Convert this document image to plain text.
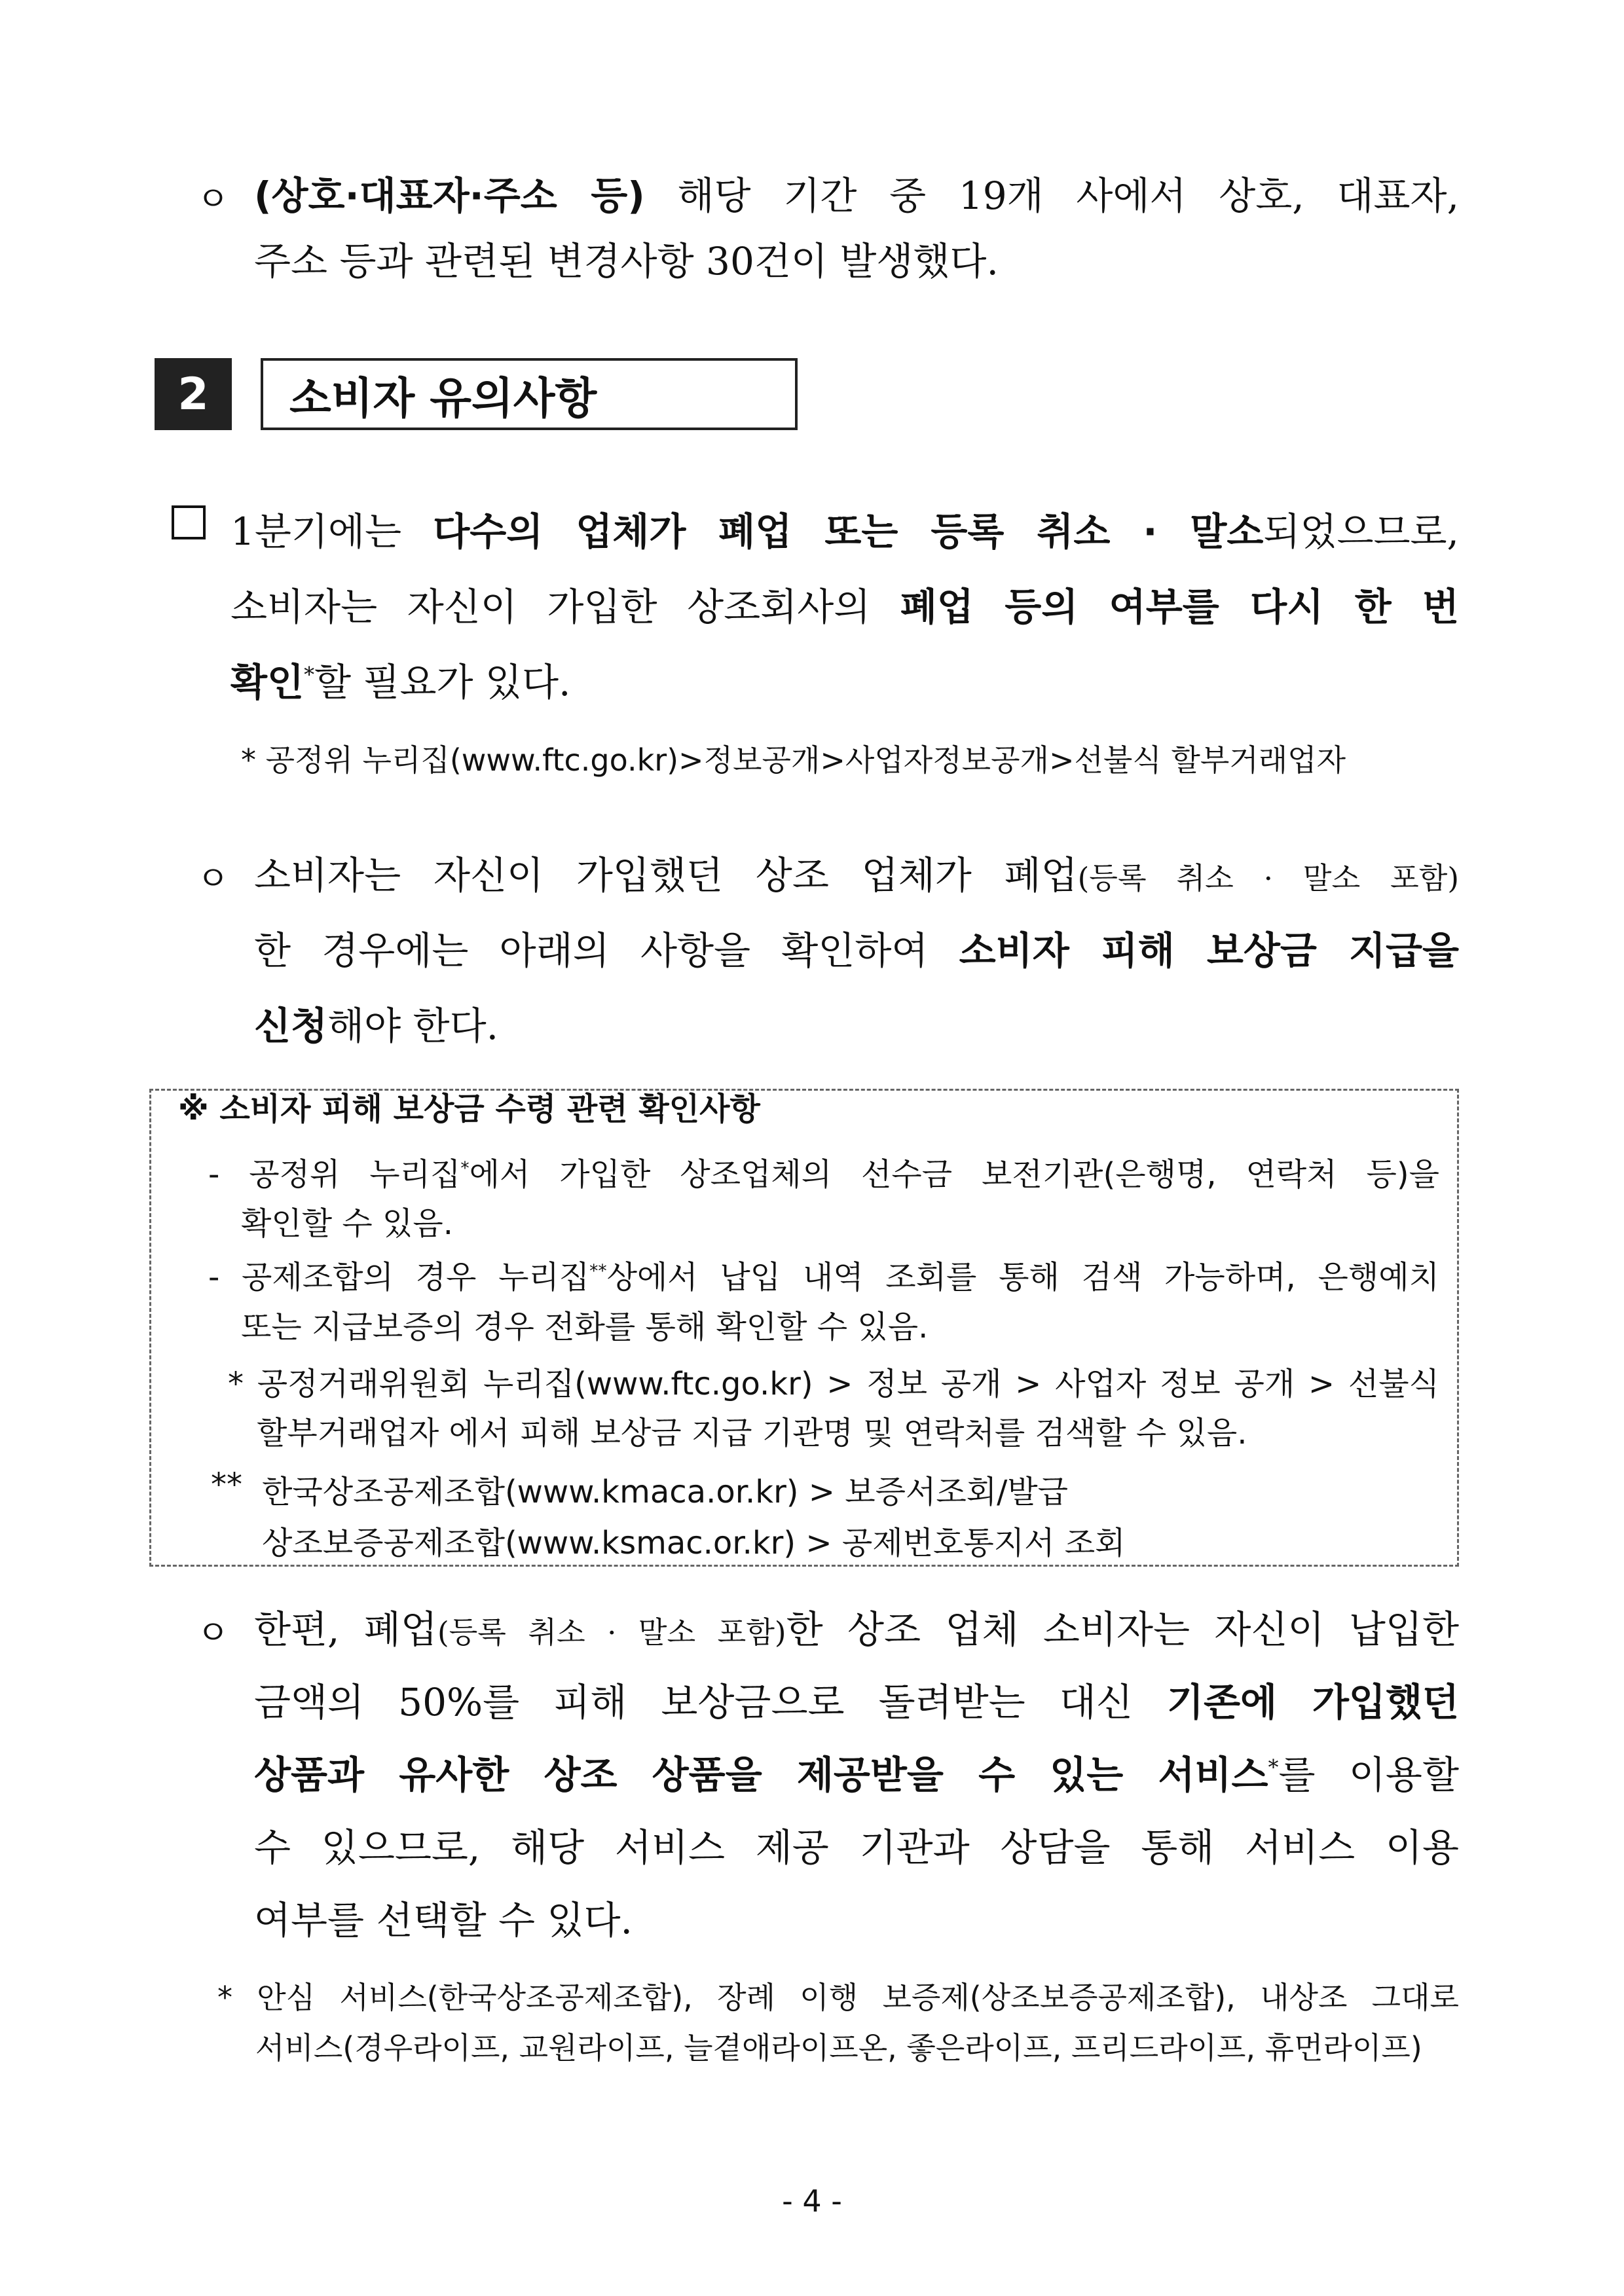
ㅇ (상호·대표자·주소 등) 해당 기간 중 19개 사에서 상호, 대표자,
주소 등과 관련된 변경사항 30건이 발생했다.
2	소비자 유의사항
1분기에는 다수의 업체가 폐업 또는 등록 취소 · 말소되었으므로,
소비자는 자신이 가입한 상조회사의 폐업 등의 여부를 다시 한 번
확인*할 필요가 있다.
* 공정위 누리집(www.ftc.go.kr)>정보공개>사업자정보공개>선불식 할부거래업자
ㅇ 소비자는 자신이 가입했던 상조 업체가 폐업(등록 취소 · 말소 포함)
한 경우에는 아래의 사항을 확인하여 소비자 피해 보상금 지급을
신청해야 한다.
※ 소비자 피해 보상금 수령 관련 확인사항
- 공정위 누리집*에서 가입한 상조업체의 선수금 보전기관(은행명, 연락처 등)을
확인할 수 있음.
- 공제조합의 경우 누리집**상에서 납입 내역 조회를 통해 검색 가능하며, 은행예치
또는 지급보증의 경우 전화를 통해 확인할 수 있음.
* 공정거래위원회 누리집(www.ftc.go.kr) > 정보 공개 > 사업자 정보 공개 > 선불식
할부거래업자 에서 피해 보상금 지급 기관명 및 연락처를 검색할 수 있음.
** 한국상조공제조합(www.kmaca.or.kr) > 보증서조회/발급
상조보증공제조합(www.ksmac.or.kr) > 공제번호통지서 조회
ㅇ 한편, 폐업(등록 취소 · 말소 포함)한 상조 업체 소비자는 자신이 납입한
금액의 50%를 피해 보상금으로 돌려받는 대신 기존에 가입했던
상품과 유사한 상조 상품을 제공받을 수 있는 서비스*를 이용할
수 있으므로, 해당 서비스 제공 기관과 상담을 통해 서비스 이용
여부를 선택할 수 있다.
* 안심 서비스(한국상조공제조합), 장례 이행 보증제(상조보증공제조합), 내상조 그대로
서비스(경우라이프, 교원라이프, 늘곁애라이프온, 좋은라이프, 프리드라이프, 휴먼라이프)
- 4 -
